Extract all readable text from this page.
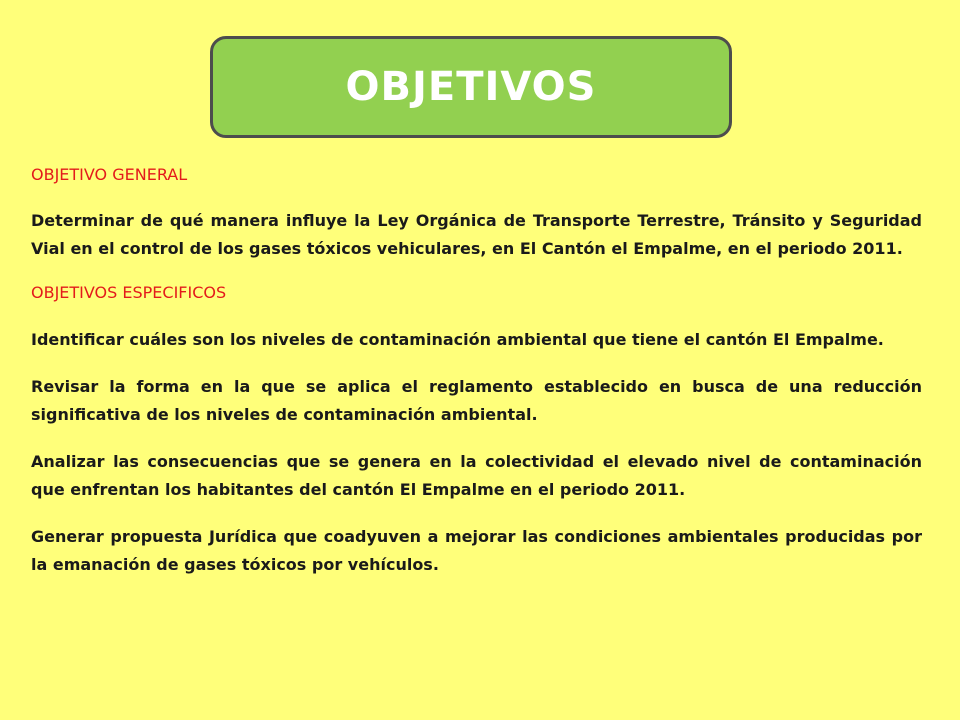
OBJETIVOS

OBJETIVO GENERAL

Determinar de qué manera influye la Ley Orgánica de Transporte Terrestre, Tránsito y Seguridad Vial en el control de los gases tóxicos vehiculares, en El Cantón el Empalme, en el periodo 2011.

OBJETIVOS ESPECIFICOS

Identificar cuáles son los niveles de contaminación ambiental que tiene el cantón El Empalme.

Revisar la forma en la que se aplica el reglamento establecido en busca de una reducción significativa de los niveles de contaminación ambiental.

Analizar las consecuencias que se genera en la colectividad el elevado nivel de contaminación que enfrentan los habitantes del cantón El Empalme en el periodo 2011.

Generar propuesta Jurídica que coadyuven a mejorar las condiciones ambientales producidas por la emanación de gases tóxicos por vehículos.
